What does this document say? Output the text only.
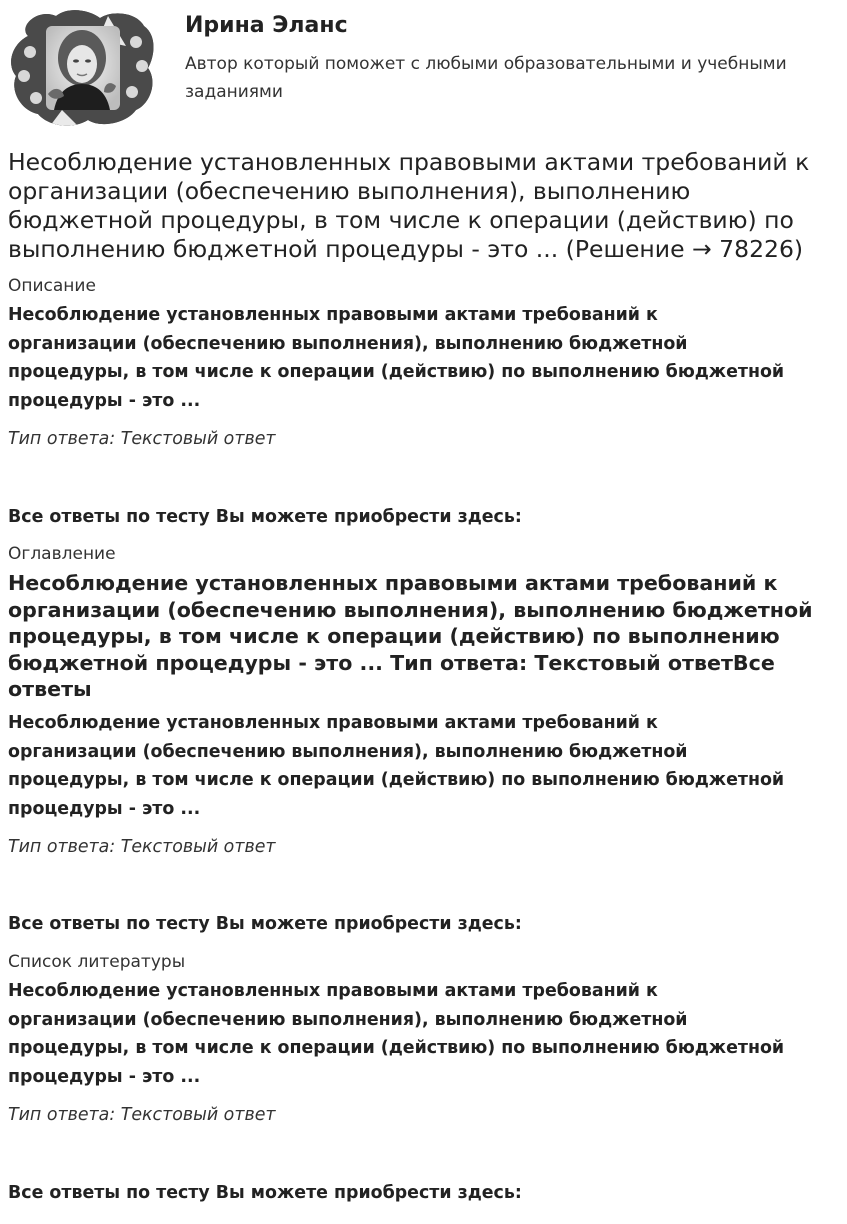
Ирина Эланс

Автор который поможет с любыми образовательными и учебными заданиями

Несоблюдение установленных правовыми актами требований к организации (обеспечению выполнения), выполнению бюджетной процедуры, в том числе к операции (действию) по выполнению бюджетной процедуры - это ... (Решение → 78226)

Описание

Несоблюдение установленных правовыми актами требований к организации (обеспечению выполнения), выполнению бюджетной процедуры, в том числе к операции (действию) по выполнению бюджетной процедуры - это ...

Тип ответа: Текстовый ответ

Все ответы по тесту Вы можете приобрести здесь:

Оглавление

Несоблюдение установленных правовыми актами требований к организации (обеспечению выполнения), выполнению бюджетной процедуры, в том числе к операции (действию) по выполнению бюджетной процедуры - это ... Тип ответа: Текстовый ответВсе ответы

Несоблюдение установленных правовыми актами требований к организации (обеспечению выполнения), выполнению бюджетной процедуры, в том числе к операции (действию) по выполнению бюджетной процедуры - это ...

Тип ответа: Текстовый ответ

Все ответы по тесту Вы можете приобрести здесь:

Список литературы

Несоблюдение установленных правовыми актами требований к организации (обеспечению выполнения), выполнению бюджетной процедуры, в том числе к операции (действию) по выполнению бюджетной процедуры - это ...

Тип ответа: Текстовый ответ

Все ответы по тесту Вы можете приобрести здесь:
